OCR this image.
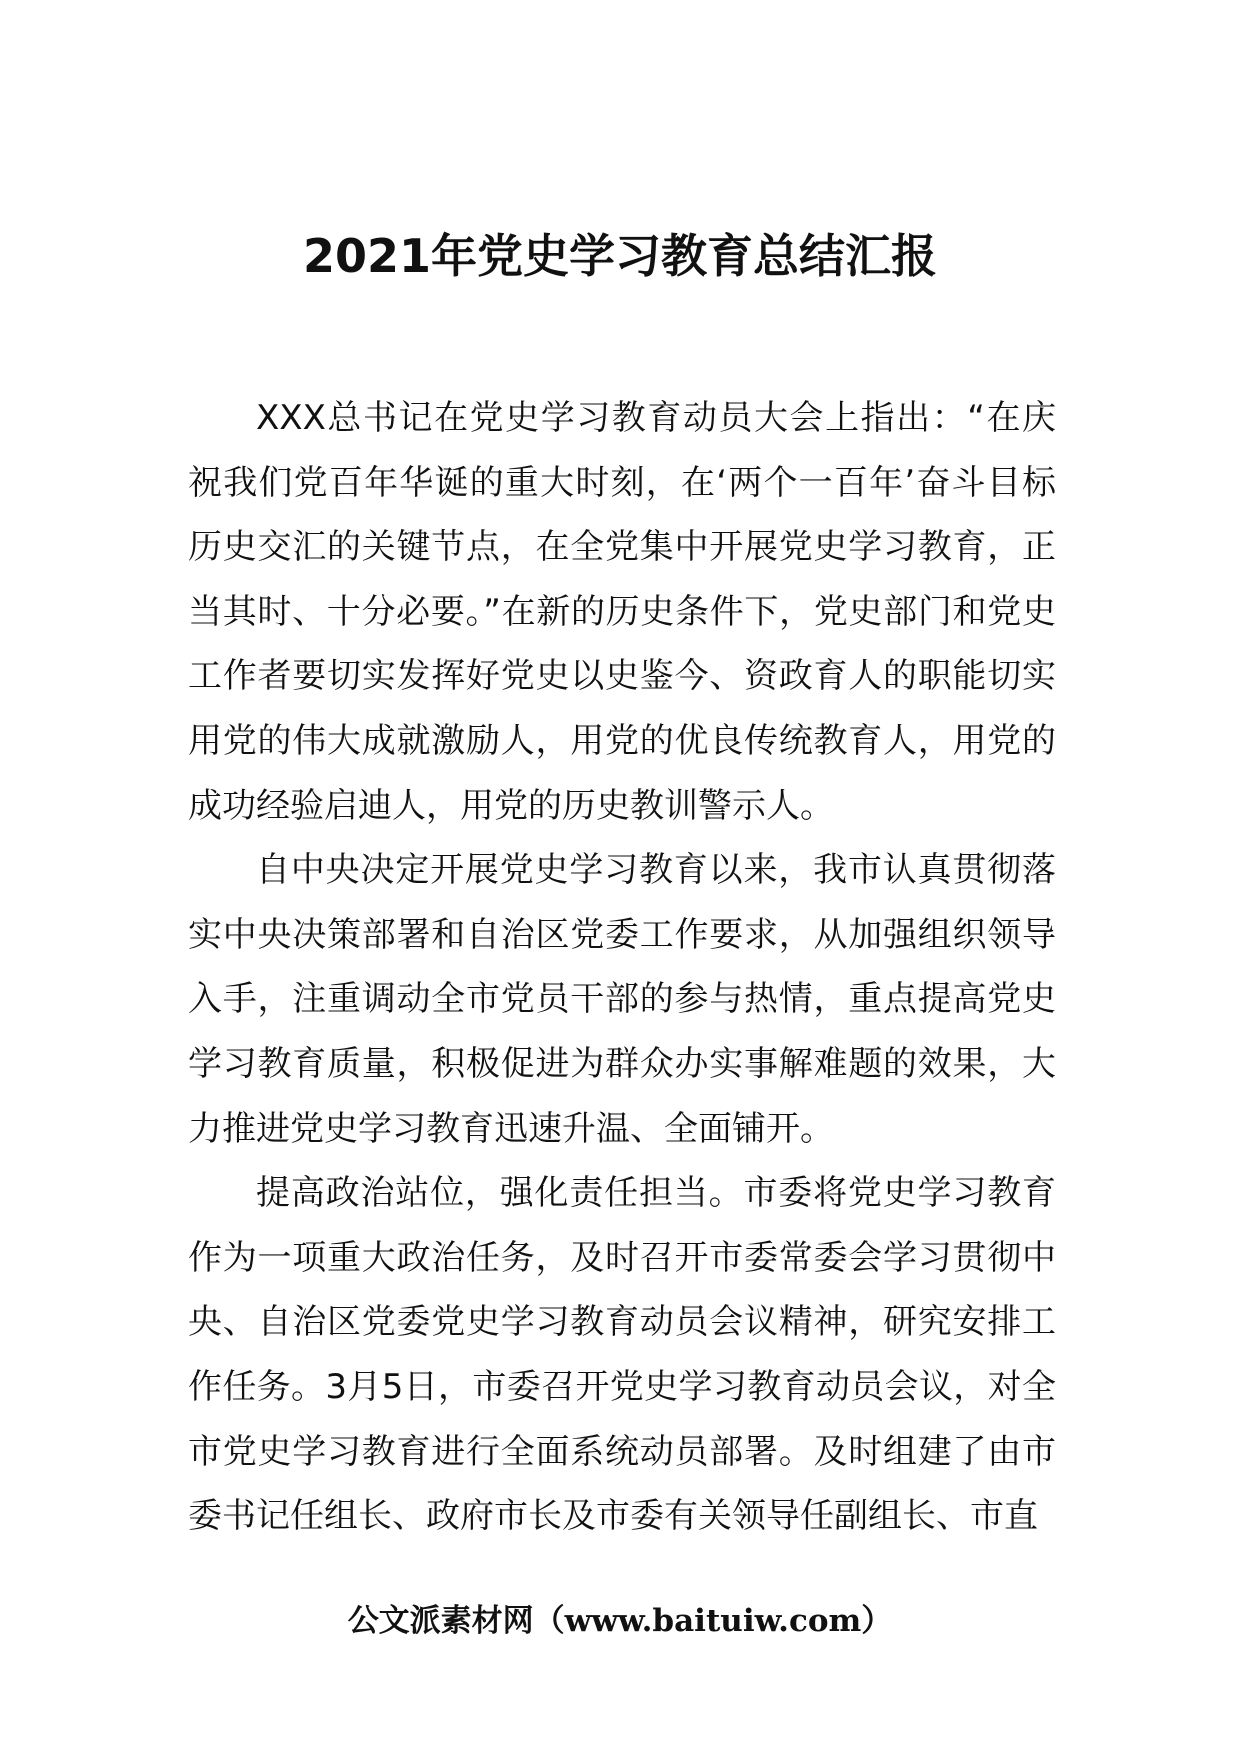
2021年党史学习教育总结汇报

XXX总书记在党史学习教育动员大会上指出：“在庆祝我们党百年华诞的重大时刻，在‘两个一百年’奋斗目标历史交汇的关键节点，在全党集中开展党史学习教育，正当其时、十分必要。”在新的历史条件下，党史部门和党史工作者要切实发挥好党史以史鉴今、资政育人的职能切实用党的伟大成就激励人，用党的优良传统教育人，用党的成功经验启迪人，用党的历史教训警示人。

自中央决定开展党史学习教育以来，我市认真贯彻落实中央决策部署和自治区党委工作要求，从加强组织领导入手，注重调动全市党员干部的参与热情，重点提高党史学习教育质量，积极促进为群众办实事解难题的效果，大力推进党史学习教育迅速升温、全面铺开。

提高政治站位，强化责任担当。市委将党史学习教育作为一项重大政治任务，及时召开市委常委会学习贯彻中央、自治区党委党史学习教育动员会议精神，研究安排工作任务。3月5日，市委召开党史学习教育动员会议，对全市党史学习教育进行全面系统动员部署。及时组建了由市委书记任组长、政府市长及市委有关领导任副组长、市直

公文派素材网（www.baituiw.com）
